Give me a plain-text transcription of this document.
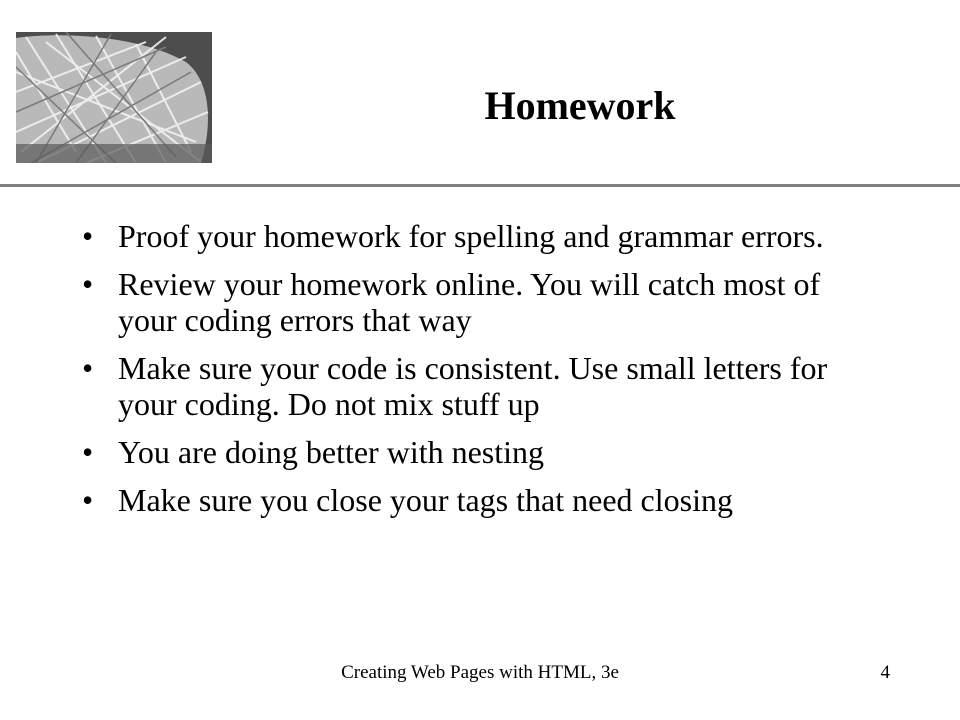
Homework
• Proof your homework for spelling and grammar errors.
• Review your homework online. You will catch most of your coding errors that way
• Make sure your code is consistent. Use small letters for your coding. Do not mix stuff up
• You are doing better with nesting
• Make sure you close your tags that need closing
Creating Web Pages with HTML, 3e	4
